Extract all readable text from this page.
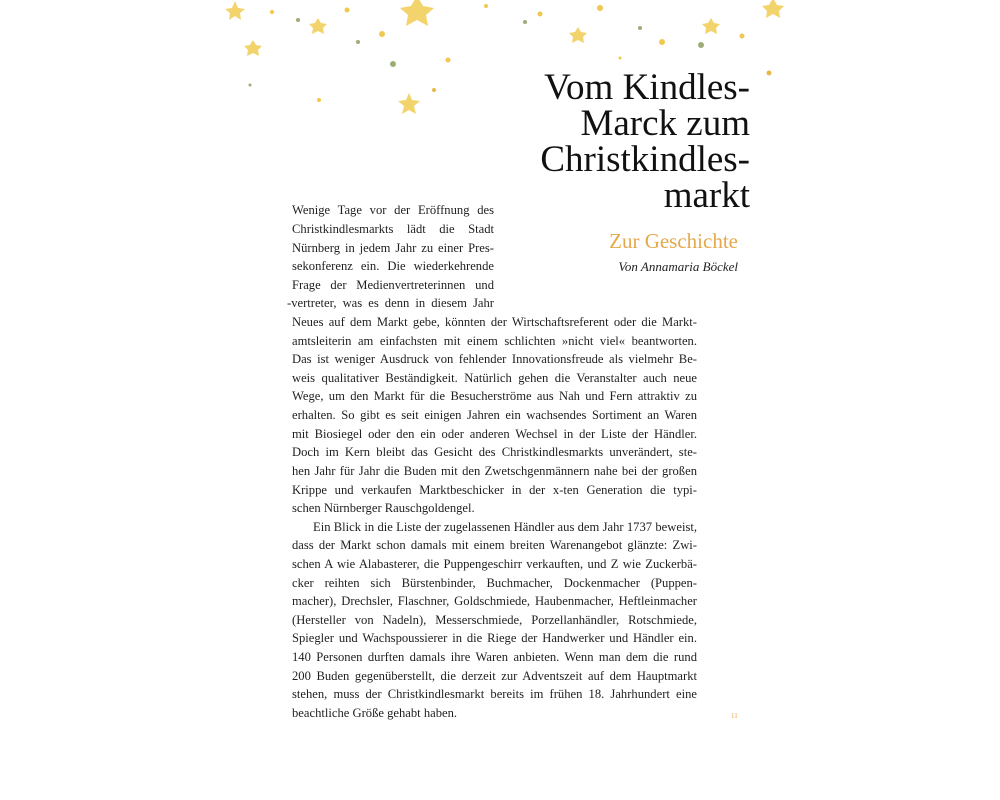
Vom Kindles-
Marck zum
Christkindles-
markt
Zur Geschichte
Von Annamaria Böckel
Wenige Tage vor der Eröffnung des
Christkindlesmarkts lädt die Stadt
Nürnberg in jedem Jahr zu einer Pres-
sekonferenz ein. Die wiederkehrende
Frage der Medienvertreterinnen und
-vertreter, was es denn in diesem Jahr
Neues auf dem Markt gebe, könnten der Wirtschaftsreferent oder die Markt-
amtsleiterin am einfachsten mit einem schlichten »nicht viel« beantworten.
Das ist weniger Ausdruck von fehlender Innovationsfreude als vielmehr Be-
weis qualitativer Beständigkeit. Natürlich gehen die Veranstalter auch neue
Wege, um den Markt für die Besucherströme aus Nah und Fern attraktiv zu
erhalten. So gibt es seit einigen Jahren ein wachsendes Sortiment an Waren
mit Biosiegel oder den ein oder anderen Wechsel in der Liste der Händler.
Doch im Kern bleibt das Gesicht des Christkindlesmarkts unverändert, ste-
hen Jahr für Jahr die Buden mit den Zwetschgenmännern nahe bei der großen
Krippe und verkaufen Marktbeschicker in der x-ten Generation die typi-
schen Nürnberger Rauschgoldengel.
Ein Blick in die Liste der zugelassenen Händler aus dem Jahr 1737 beweist,
dass der Markt schon damals mit einem breiten Warenangebot glänzte: Zwi-
schen A wie Alabasterer, die Puppengeschirr verkauften, und Z wie Zuckerbä-
cker reihten sich Bürstenbinder, Buchmacher, Dockenmacher (Puppen-
macher), Drechsler, Flaschner, Goldschmiede, Haubenmacher, Heftleinmacher
(Hersteller von Nadeln), Messerschmiede, Porzellanhändler, Rotschmiede,
Spiegler und Wachspoussierer in die Riege der Handwerker und Händler ein.
140 Personen durften damals ihre Waren anbieten. Wenn man dem die rund
200 Buden gegenüberstellt, die derzeit zur Adventszeit auf dem Hauptmarkt
stehen, muss der Christkindlesmarkt bereits im frühen 18. Jahrhundert eine
beachtliche Größe gehabt haben.	11
